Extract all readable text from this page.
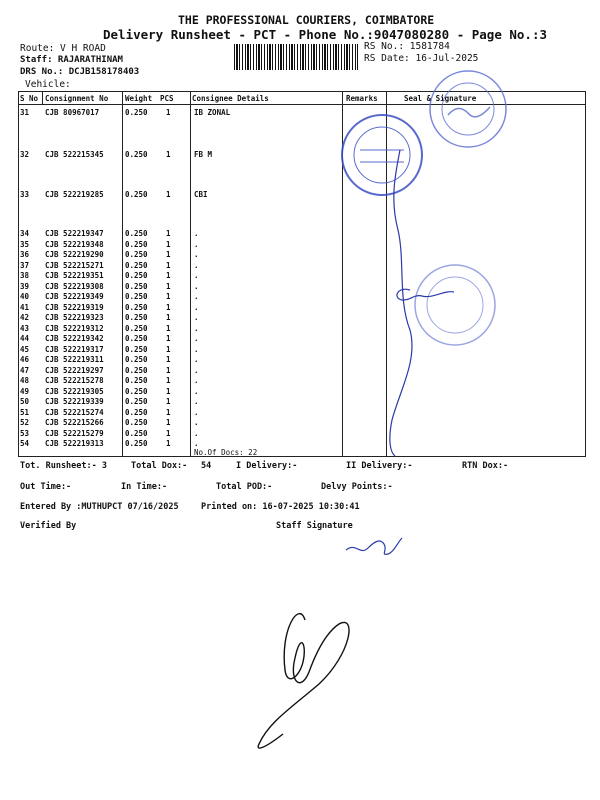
THE PROFESSIONAL COURIERS, COIMBATORE
Delivery Runsheet - PCT - Phone No.:9047080280 - Page No.:3
Route: V H ROAD
Staff: RAJARATHINAM
DRS No.: DCJB158178403
Vehicle:
RS No.: 1581784
RS Date: 16-Jul-2025
S No Consignment No Weight PCS Consignee Details	Remarks	Seal & Signature
31 CJB 80967017	0.250 1	IB ZONAL
32 CJB 522215345	0.250 1	FB M
33 CJB 522219285	0.250 1	CBI
34 CJB 522219347	0.250 1	.
35 CJB 522219348	0.250 1	.
36 CJB 522219290	0.250 1	.
37 CJB 522215271	0.250 1	.
38 CJB 522219351	0.250 1	.
39 CJB 522219308	0.250 1	.
40 CJB 522219349	0.250 1	.
41 CJB 522219319	0.250 1	.
42 CJB 522219323	0.250 1	.
43 CJB 522219312	0.250 1	.
44 CJB 522219342	0.250 1	.
45 CJB 522219317	0.250 1	.
46 CJB 522219311	0.250 1	.
47 CJB 522219297	0.250 1	.
48 CJB 522215278	0.250 1	.
49 CJB 522219305	0.250 1	.
50 CJB 522219339	0.250 1	.
51 CJB 522215274	0.250 1	.
52 CJB 522215266	0.250 1	.
53 CJB 522215279	0.250 1	.
54 CJB 522219313	0.250 1	.
No.Of Docs: 22
Tot. Runsheet:- 3	Total Dox:- 54	I Delivery:-	II Delivery:-	RTN Dox:-
Out Time:-	In Time:-	Total POD:-	Delvy Points:-
Entered By :MUTHUPCT 07/16/2025	Printed on: 16-07-2025 10:30:41
Verified By	Staff Signature
